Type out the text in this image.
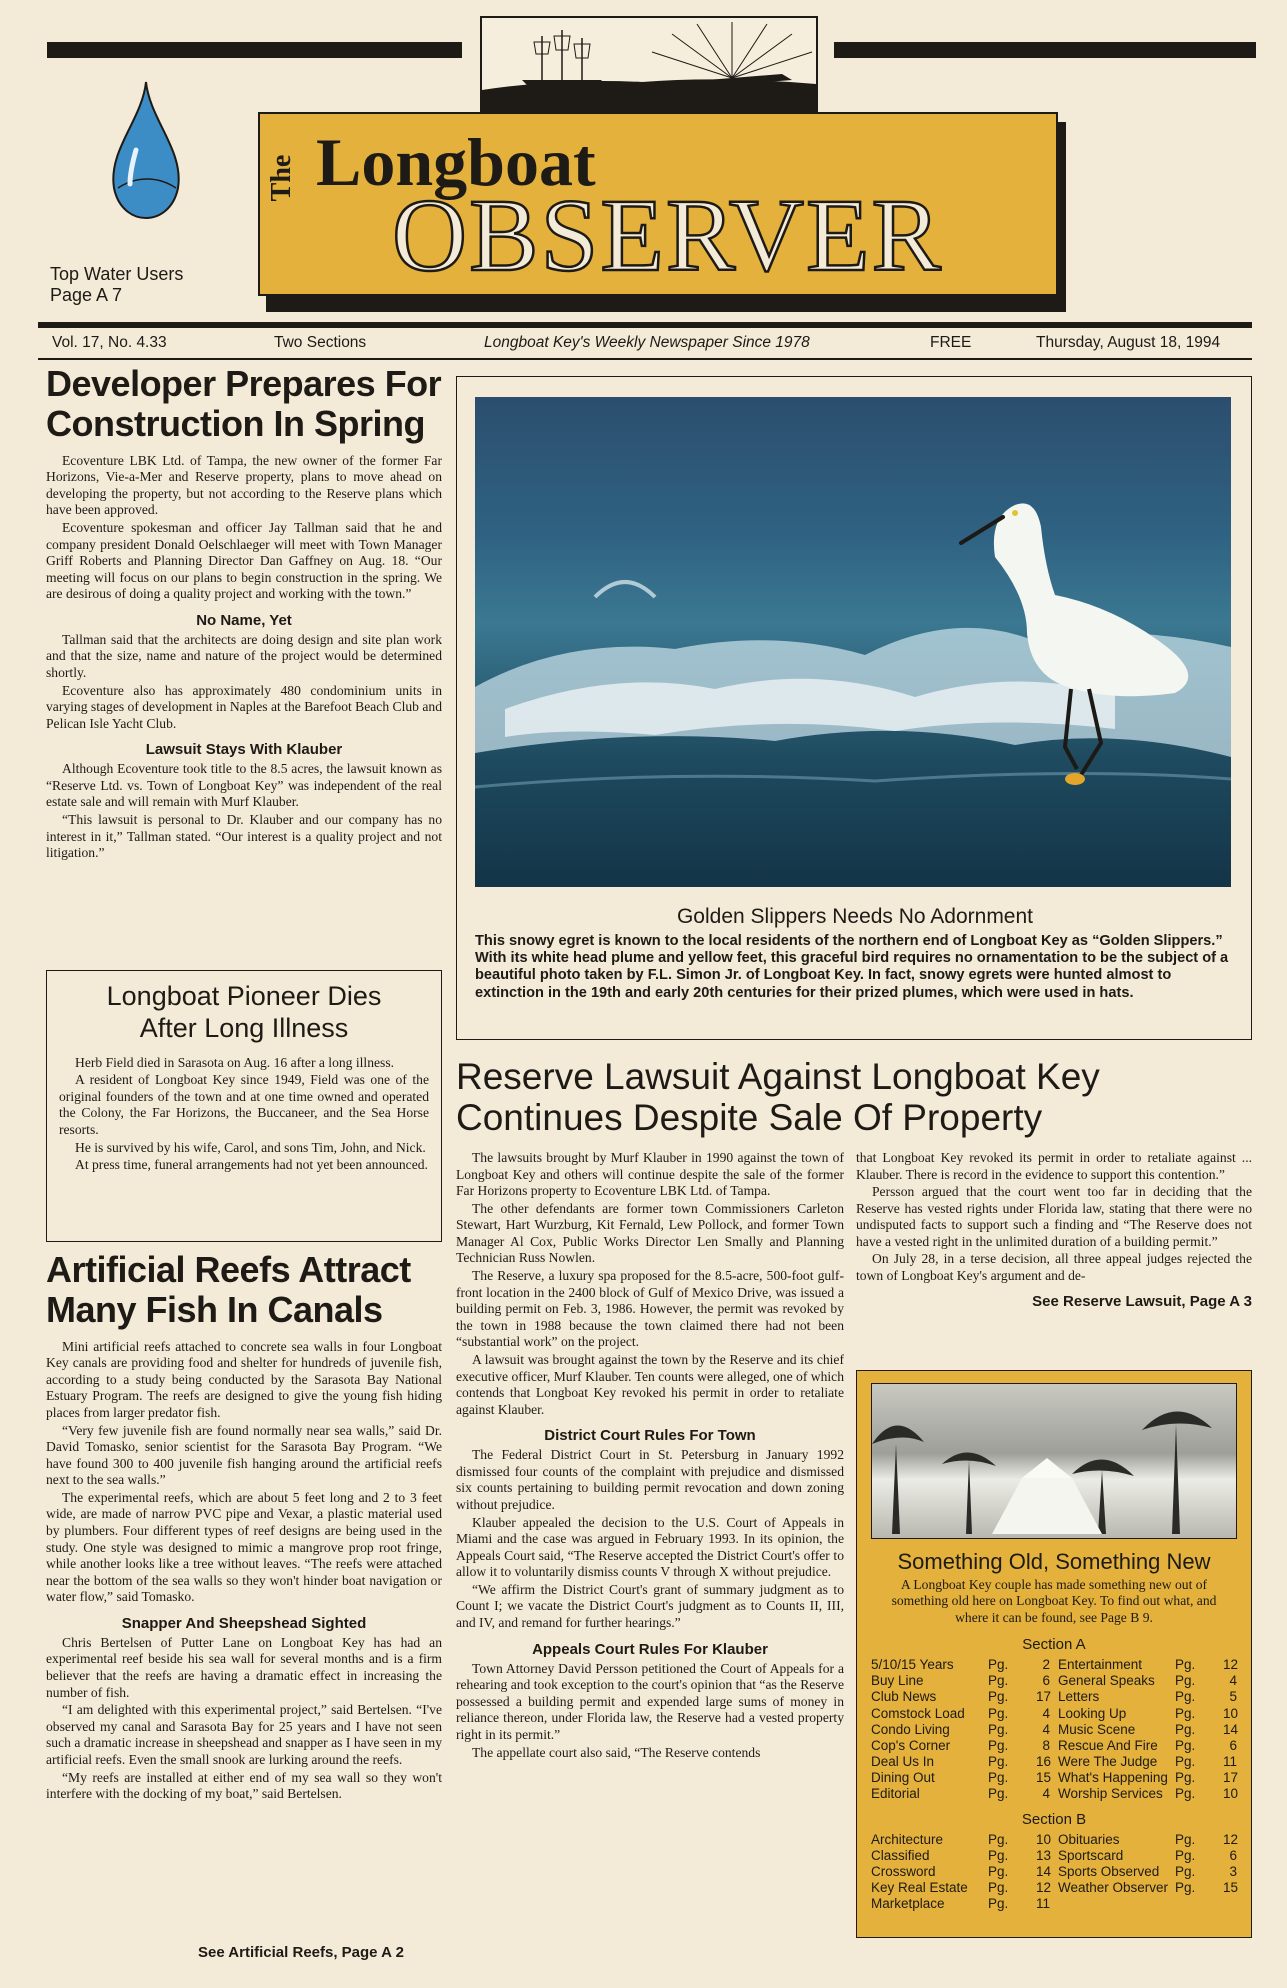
Top Water Users
Page A 7
The Longboat
OBSERVER
Vol. 17, No. 4.33	Two Sections	Longboat Key's Weekly Newspaper Since 1978	FREE	Thursday, August 18, 1994
Developer Prepares For
Construction In Spring

Ecoventure LBK Ltd. of Tampa, the new owner of the former Far Horizons, Vie-a-Mer and Reserve property, plans to move ahead on developing the property, but not according to the Reserve plans which have been approved.

Ecoventure spokesman and officer Jay Tallman said that he and company president Donald Oelschlaeger will meet with Town Manager Griff Roberts and Planning Director Dan Gaffney on Aug. 18. “Our meeting will focus on our plans to begin construction in the spring. We are desirous of doing a quality project and working with the town.”

No Name, Yet

Tallman said that the architects are doing design and site plan work and that the size, name and nature of the project would be determined shortly.

Ecoventure also has approximately 480 condominium units in varying stages of development in Naples at the Barefoot Beach Club and Pelican Isle Yacht Club.

Lawsuit Stays With Klauber

Although Ecoventure took title to the 8.5 acres, the lawsuit known as “Reserve Ltd. vs. Town of Longboat Key” was independent of the real estate sale and will remain with Murf Klauber.

“This lawsuit is personal to Dr. Klauber and our company has no interest in it,” Tallman stated. “Our interest is a quality project and not litigation.”

Longboat Pioneer Dies
After Long Illness

Herb Field died in Sarasota on Aug. 16 after a long illness.

A resident of Longboat Key since 1949, Field was one of the original founders of the town and at one time owned and operated the Colony, the Far Horizons, the Buccaneer, and the Sea Horse resorts.

He is survived by his wife, Carol, and sons Tim, John, and Nick.

At press time, funeral arrangements had not yet been announced.

Artificial Reefs Attract
Many Fish In Canals

Mini artificial reefs attached to concrete sea walls in four Longboat Key canals are providing food and shelter for hundreds of juvenile fish, according to a study being conducted by the Sarasota Bay National Estuary Program. The reefs are designed to give the young fish hiding places from larger predator fish.

“Very few juvenile fish are found normally near sea walls,” said Dr. David Tomasko, senior scientist for the Sarasota Bay Program. “We have found 300 to 400 juvenile fish hanging around the artificial reefs next to the sea walls.”

The experimental reefs, which are about 5 feet long and 2 to 3 feet wide, are made of narrow PVC pipe and Vexar, a plastic material used by plumbers. Four different types of reef designs are being used in the study. One style was designed to mimic a mangrove prop root fringe, while another looks like a tree without leaves. “The reefs were attached near the bottom of the sea walls so they won't hinder boat navigation or water flow,” said Tomasko.

Snapper And Sheepshead Sighted

Chris Bertelsen of Putter Lane on Longboat Key has had an experimental reef beside his sea wall for several months and is a firm believer that the reefs are having a dramatic effect in increasing the number of fish.

“I am delighted with this experimental project,” said Bertelsen. “I've observed my canal and Sarasota Bay for 25 years and I have not seen such a dramatic increase in sheepshead and snapper as I have seen in my artificial reefs. Even the small snook are lurking around the reefs.

“My reefs are installed at either end of my sea wall so they won't interfere with the docking of my boat,” said Bertelsen.

See Artificial Reefs, Page A 2
Golden Slippers Needs No Adornment
This snowy egret is known to the local residents of the northern end of Longboat Key as “Golden Slippers.” With its white head plume and yellow feet, this graceful bird requires no ornamentation to be the subject of a beautiful photo taken by F.L. Simon Jr. of Longboat Key. In fact, snowy egrets were hunted almost to extinction in the 19th and early 20th centuries for their prized plumes, which were used in hats.
Reserve Lawsuit Against Longboat Key
Continues Despite Sale Of Property

The lawsuits brought by Murf Klauber in 1990 against the town of Longboat Key and others will continue despite the sale of the former Far Horizons property to Ecoventure LBK Ltd. of Tampa.

The other defendants are former town Commissioners Carleton Stewart, Hart Wurzburg, Kit Fernald, Lew Pollock, and former Town Manager Al Cox, Public Works Director Len Smally and Planning Technician Russ Nowlen.

The Reserve, a luxury spa proposed for the 8.5-acre, 500-foot gulf-front location in the 2400 block of Gulf of Mexico Drive, was issued a building permit on Feb. 3, 1986. However, the permit was revoked by the town in 1988 because the town claimed there had not been “substantial work” on the project.

A lawsuit was brought against the town by the Reserve and its chief executive officer, Murf Klauber. Ten counts were alleged, one of which contends that Longboat Key revoked his permit in order to retaliate against Klauber.

District Court Rules For Town

The Federal District Court in St. Petersburg in January 1992 dismissed four counts of the complaint with prejudice and dismissed six counts pertaining to building permit revocation and down zoning without prejudice.

Klauber appealed the decision to the U.S. Court of Appeals in Miami and the case was argued in February 1993. In its opinion, the Appeals Court said, “The Reserve accepted the District Court's offer to allow it to voluntarily dismiss counts V through X without prejudice.

“We affirm the District Court's grant of summary judgment as to Count I; we vacate the District Court's judgment as to Counts II, III, and IV, and remand for further hearings.”

Appeals Court Rules For Klauber

Town Attorney David Persson petitioned the Court of Appeals for a rehearing and took exception to the court's opinion that “as the Reserve possessed a building permit and expended large sums of money in reliance thereon, under Florida law, the Reserve had a vested property right in its permit.”

The appellate court also said, “The Reserve contends

that Longboat Key revoked its permit in order to retaliate against ... Klauber. There is record in the evidence to support this contention.”

Persson argued that the court went too far in deciding that the Reserve has vested rights under Florida law, stating that there were no undisputed facts to support such a finding and “The Reserve does not have a vested right in the unlimited duration of a building permit.”

On July 28, in a terse decision, all three appeal judges rejected the town of Longboat Key's argument and de-

See Reserve Lawsuit, Page A 3
Something Old, Something New

A Longboat Key couple has made something new out of something old here on Longboat Key. To find out what, and where it can be found, see Page B 9.

Section A
5/10/15 Years	Pg.	2
Buy Line	Pg.	6
Club News	Pg.	17
Comstock Load	Pg.	4
Condo Living	Pg.	4
Cop's Corner	Pg.	8
Deal Us In	Pg.	16
Dining Out	Pg.	15
Editorial	Pg.	4
Entertainment	Pg.	12
General Speaks	Pg.	4
Letters	Pg.	5
Looking Up	Pg.	10
Music Scene	Pg.	14
Rescue And Fire	Pg.	6
Were The Judge	Pg.	11
What's Happening Pg.	17
Worship Services Pg.	10
Section B
Architecture	Pg.	10
Classified	Pg.	13
Crossword	Pg.	14
Key Real Estate	Pg.	12
Marketplace	Pg.	11
Obituaries	Pg.	12
Sportscard	Pg.	6
Sports Observed	Pg.	3
Weather Observer Pg.	15
